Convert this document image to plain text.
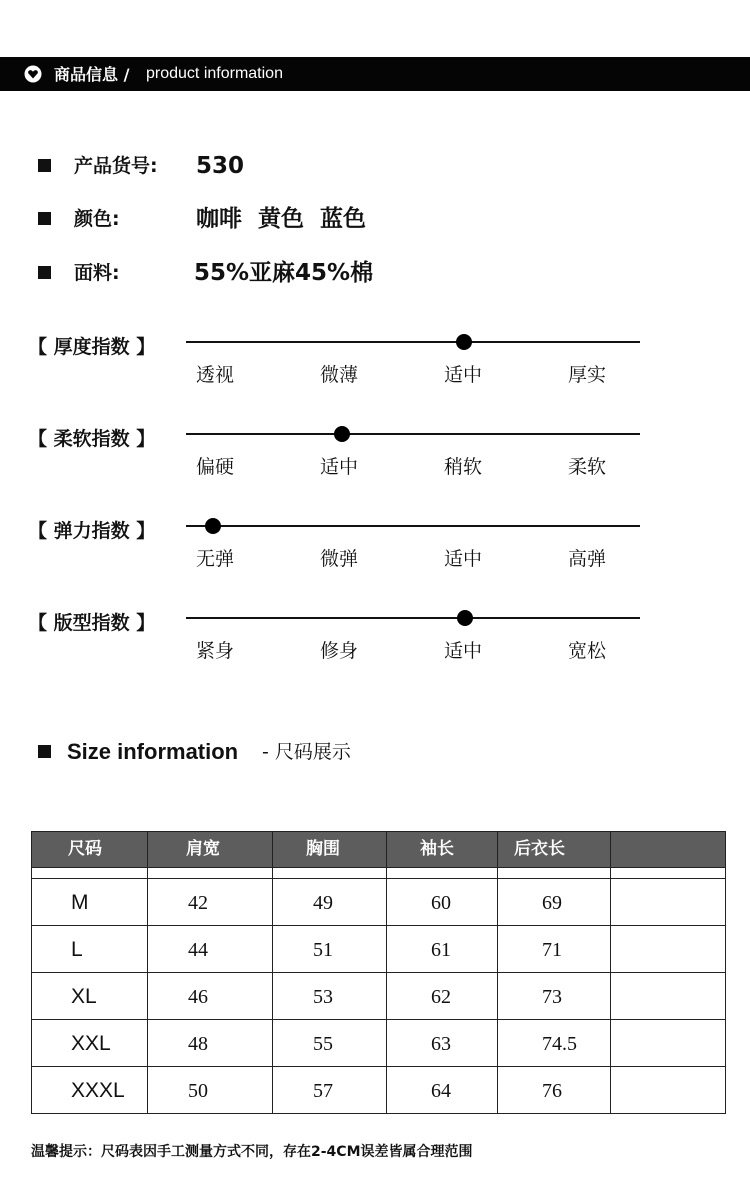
商品信息 / product information
产品货号: 530
颜色:	咖啡  黄色  蓝色
面料:	55%亚麻45%棉
【 厚度指数 】
透视	微薄	适中	厚实
【 柔软指数 】
偏硬	适中	稍软	柔软
【 弹力指数 】
无弹	微弹	适中	高弹
【 版型指数 】
紧身	修身	适中	宽松
Size information - 尺码展示
尺码	肩宽	胸围	袖长	后衣长
M	42	49	60	69
L	44	51	61	71
XL	46	53	62	73
XXL	48	55	63	74.5
XXXL	50	57	64	76
温馨提示：尺码表因手工测量方式不同，存在2-4CM误差皆属合理范围
